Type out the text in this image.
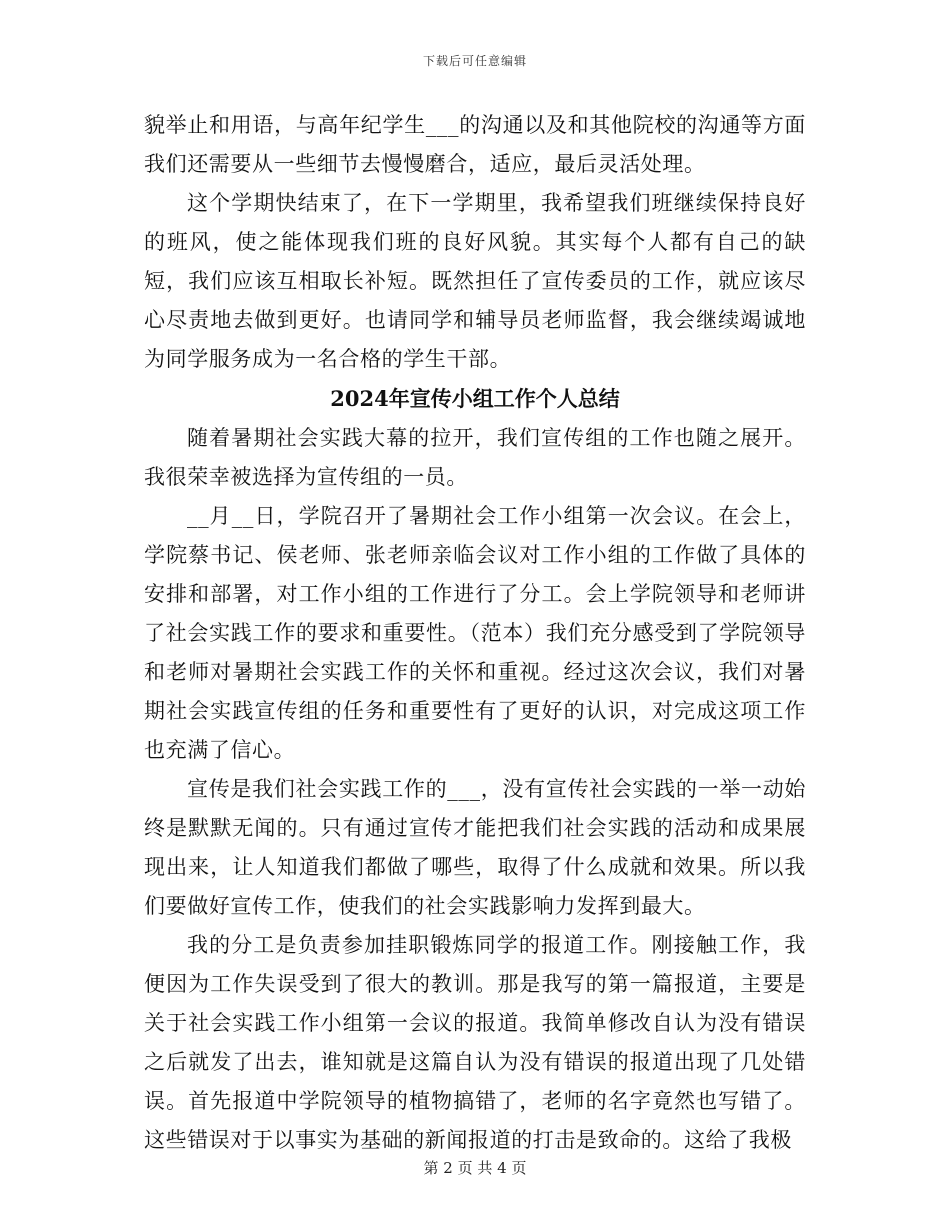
下载后可任意编辑

貌举止和用语，与高年纪学生___的沟通以及和其他院校的沟通等方面我们还需要从一些细节去慢慢磨合，适应，最后灵活处理。

这个学期快结束了，在下一学期里，我希望我们班继续保持良好的班风，使之能体现我们班的良好风貌。其实每个人都有自己的缺短，我们应该互相取长补短。既然担任了宣传委员的工作，就应该尽心尽责地去做到更好。也请同学和辅导员老师监督，我会继续竭诚地为同学服务成为一名合格的学生干部。

2024年宣传小组工作个人总结

随着暑期社会实践大幕的拉开，我们宣传组的工作也随之展开。我很荣幸被选择为宣传组的一员。

__月__日，学院召开了暑期社会工作小组第一次会议。在会上，学院蔡书记、侯老师、张老师亲临会议对工作小组的工作做了具体的安排和部署，对工作小组的工作进行了分工。会上学院领导和老师讲了社会实践工作的要求和重要性。（范本）我们充分感受到了学院领导和老师对暑期社会实践工作的关怀和重视。经过这次会议，我们对暑期社会实践宣传组的任务和重要性有了更好的认识，对完成这项工作也充满了信心。

宣传是我们社会实践工作的___，没有宣传社会实践的一举一动始终是默默无闻的。只有通过宣传才能把我们社会实践的活动和成果展现出来，让人知道我们都做了哪些，取得了什么成就和效果。所以我们要做好宣传工作，使我们的社会实践影响力发挥到最大。

我的分工是负责参加挂职锻炼同学的报道工作。刚接触工作，我便因为工作失误受到了很大的教训。那是我写的第一篇报道，主要是关于社会实践工作小组第一会议的报道。我简单修改自认为没有错误之后就发了出去，谁知就是这篇自认为没有错误的报道出现了几处错误。首先报道中学院领导的植物搞错了，老师的名字竟然也写错了。这些错误对于以事实为基础的新闻报道的打击是致命的。这给了我极

第 2 页 共 4 页
